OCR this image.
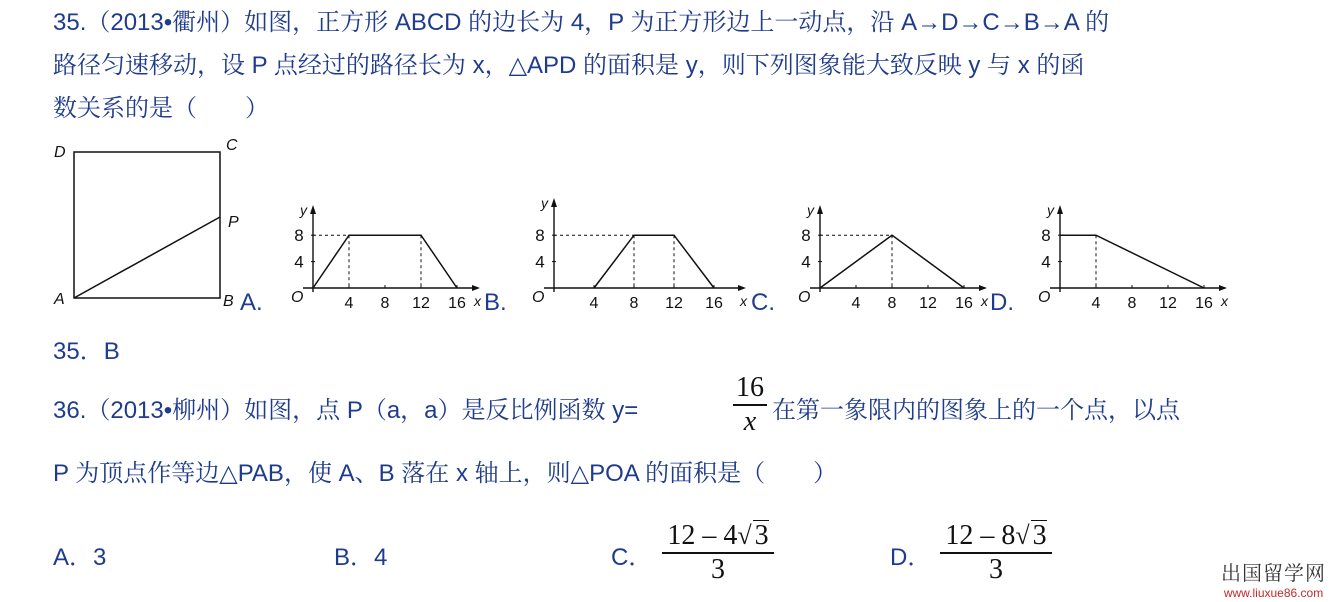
35.（2013•衢州）如图，正方形 ABCD 的边长为 4，P 为正方形边上一动点，沿 A→D→C→B→A 的
路径匀速移动，设 P 点经过的路径长为 x，△APD 的面积是 y，则下列图象能大致反映 y 与 x 的函
数关系的是（　　）
D	C
P
A	B A.	B.	C.	D.
y
x
O
8
4
4 8 12 16
y
x
O
8
4
4 8 12 16
y
x
O
8
4
4 8 12 16
y
x
O
8
4
4 8 12 16
35．B
36.（2013•柳州）如图，点 P（a，a）是反比例函数 y=
16
x 在第一象限内的图象上的一个点，以点
P 为顶点作等边△PAB，使 A、B 落在 x 轴上，则△POA 的面积是（　　）
A．3	B．4	C．
12 – 4√ 3
3	D．
12 – 8√ 3
3	出国留学网
www.liuxue86.com
